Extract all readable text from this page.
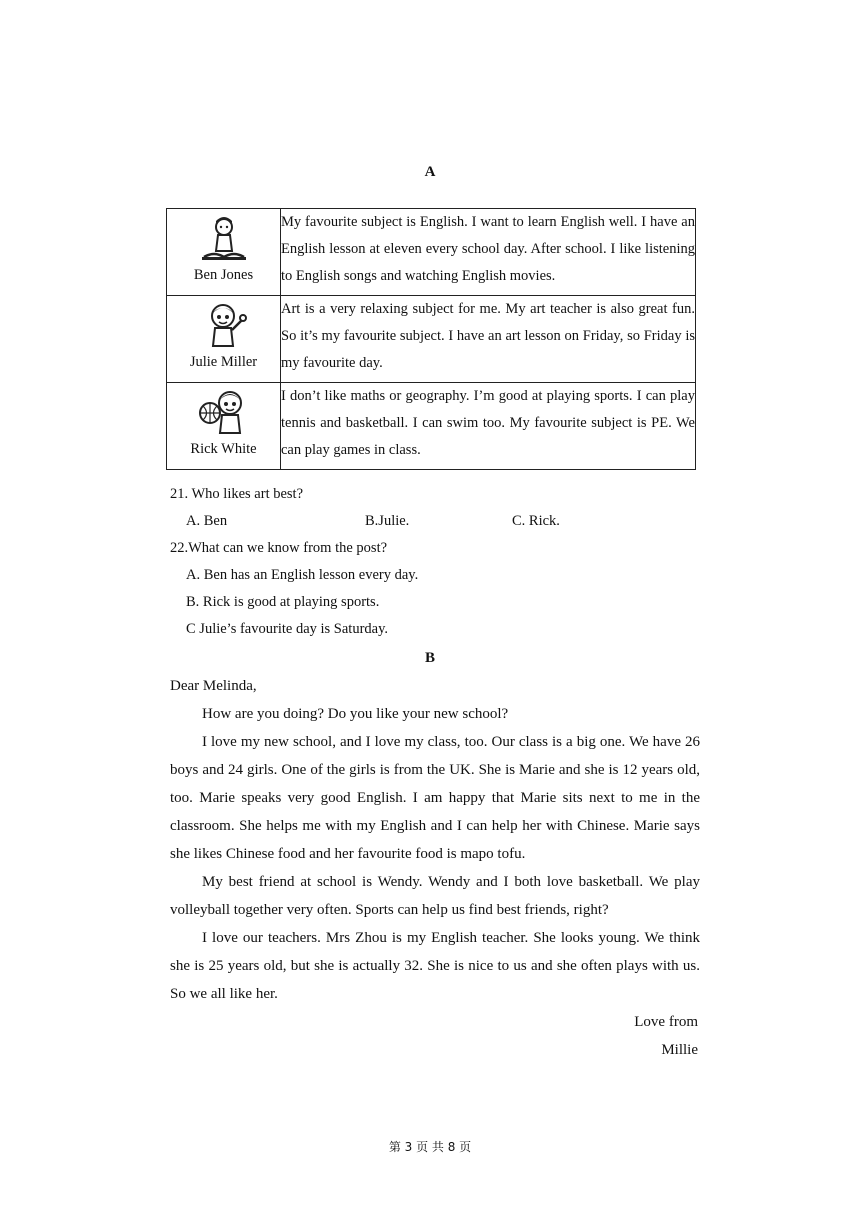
A
Ben Jones	My favourite subject is English. I want to learn English well. I have an English lesson at eleven every school day. After school. I like listening to English songs and watching English movies.

Julie Miller	Art is a very relaxing subject for me. My art teacher is also great fun. So it’s my favourite subject. I have an art lesson on Friday, so Friday is my favourite day.

Rick White	I don’t like maths or geography. I’m good at playing sports. I can play tennis and basketball. I can swim too. My favourite subject is PE. We can play games in class.
21. Who likes art best?
A. Ben	B.Julie.	C. Rick.
22.What can we know from the post?
A. Ben has an English lesson every day.
B. Rick is good at playing sports.
C Julie’s favourite day is Saturday.
B

Dear Melinda,

How are you doing? Do you like your new school?

I love my new school, and I love my class, too. Our class is a big one. We have 26 boys and 24 girls. One of the girls is from the UK. She is Marie and she is 12 years old, too. Marie speaks very good English. I am happy that Marie sits next to me in the classroom. She helps me with my English and I can help her with Chinese. Marie says she likes Chinese food and her favourite food is mapo tofu.

My best friend at school is Wendy. Wendy and I both love basketball. We play volleyball together very often. Sports can help us find best friends, right?

I love our teachers. Mrs Zhou is my English teacher. She looks young. We think she is 25 years old, but she is actually 32. She is nice to us and she often plays with us. So we all like her.

Love from
Millie
第 3 页 共 8 页
